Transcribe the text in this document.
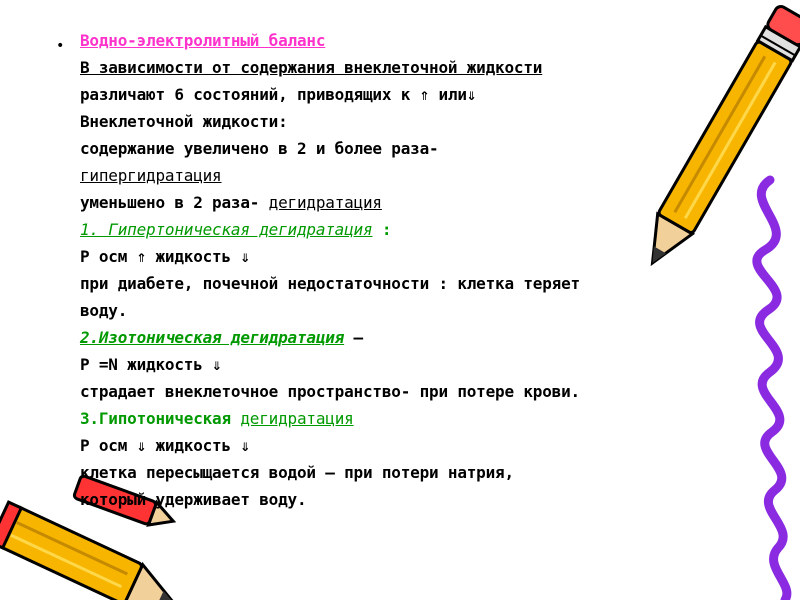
• Водно-электролитный баланс
В зависимости от содержания внеклеточной жидкости
различают 6 состояний, приводящих к ⇑ или⇓
Внеклеточной жидкости:
содержание увеличено в 2 и более раза-
гипергидратация
уменьшено в 2 раза- дегидратация
1. Гипертоническая дегидратация :
Р осм ⇑ жидкость ⇓
при диабете, почечной недостаточности : клетка теряет
воду.
2.Изотоническая дегидратация –
Р =N жидкость ⇓
страдает внеклеточное пространство- при потере крови.
3.Гипотоническая дегидратация
Р осм ⇓ жидкость ⇓
клетка пересыщается водой – при потери натрия,
который удерживает воду.
